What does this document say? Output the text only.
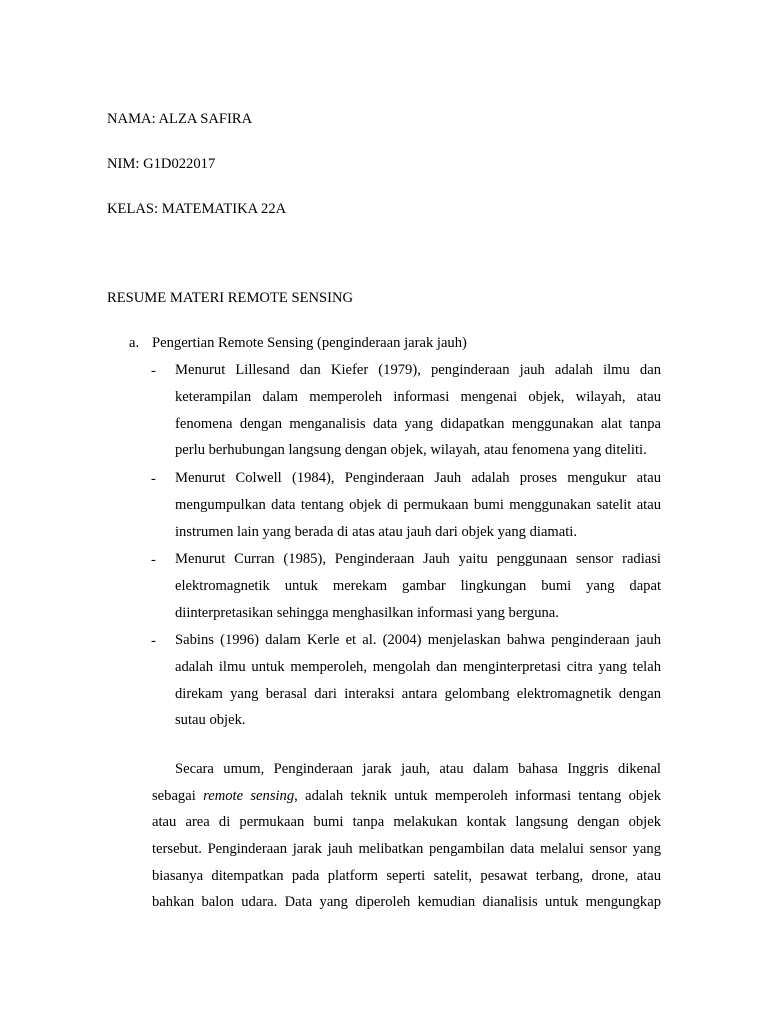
NAMA: ALZA SAFIRA
NIM: G1D022017
KELAS: MATEMATIKA 22A
RESUME MATERI REMOTE SENSING
a. Pengertian Remote Sensing (penginderaan jarak jauh)
- Menurut Lillesand dan Kiefer (1979), penginderaan jauh adalah ilmu dan
keterampilan dalam memperoleh informasi mengenai objek, wilayah, atau
fenomena dengan menganalisis data yang didapatkan menggunakan alat tanpa
perlu berhubungan langsung dengan objek, wilayah, atau fenomena yang diteliti.
- Menurut Colwell (1984), Penginderaan Jauh adalah proses mengukur atau
mengumpulkan data tentang objek di permukaan bumi menggunakan satelit atau
instrumen lain yang berada di atas atau jauh dari objek yang diamati.
- Menurut Curran (1985), Penginderaan Jauh yaitu penggunaan sensor radiasi
elektromagnetik untuk merekam gambar lingkungan bumi yang dapat
diinterpretasikan sehingga menghasilkan informasi yang berguna.
- Sabins (1996) dalam Kerle et al. (2004) menjelaskan bahwa penginderaan jauh
adalah ilmu untuk memperoleh, mengolah dan menginterpretasi citra yang telah
direkam yang berasal dari interaksi antara gelombang elektromagnetik dengan
sutau objek.
Secara umum, Penginderaan jarak jauh, atau dalam bahasa Inggris dikenal
sebagai remote sensing, adalah teknik untuk memperoleh informasi tentang objek
atau area di permukaan bumi tanpa melakukan kontak langsung dengan objek
tersebut. Penginderaan jarak jauh melibatkan pengambilan data melalui sensor yang
biasanya ditempatkan pada platform seperti satelit, pesawat terbang, drone, atau
bahkan balon udara. Data yang diperoleh kemudian dianalisis untuk mengungkap
